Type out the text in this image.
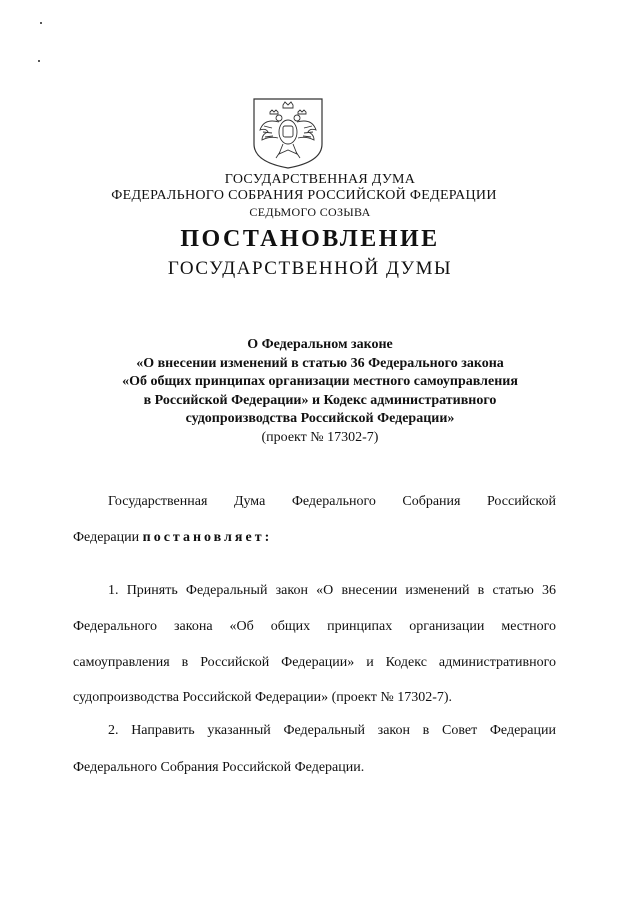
ГОСУДАРСТВЕННАЯ ДУМА
ФЕДЕРАЛЬНОГО СОБРАНИЯ РОССИЙСКОЙ ФЕДЕРАЦИИ
СЕДЬМОГО СОЗЫВА
ПОСТАНОВЛЕНИЕ
ГОСУДАРСТВЕННОЙ ДУМЫ
О Федеральном законе
«О внесении изменений в статью 36 Федерального закона
«Об общих принципах организации местного самоуправления
в Российской Федерации» и Кодекс административного
судопроизводства Российской Федерации»
(проект № 17302-7)
Государственная Дума Федерального Собрания Российской
Федерации постановляет:
1. Принять Федеральный закон «О внесении изменений в статью 36
Федерального закона «Об общих принципах организации местного
самоуправления в Российской Федерации» и Кодекс административного
судопроизводства Российской Федерации» (проект № 17302-7).
2. Направить указанный Федеральный закон в Совет Федерации
Федерального Собрания Российской Федерации.
